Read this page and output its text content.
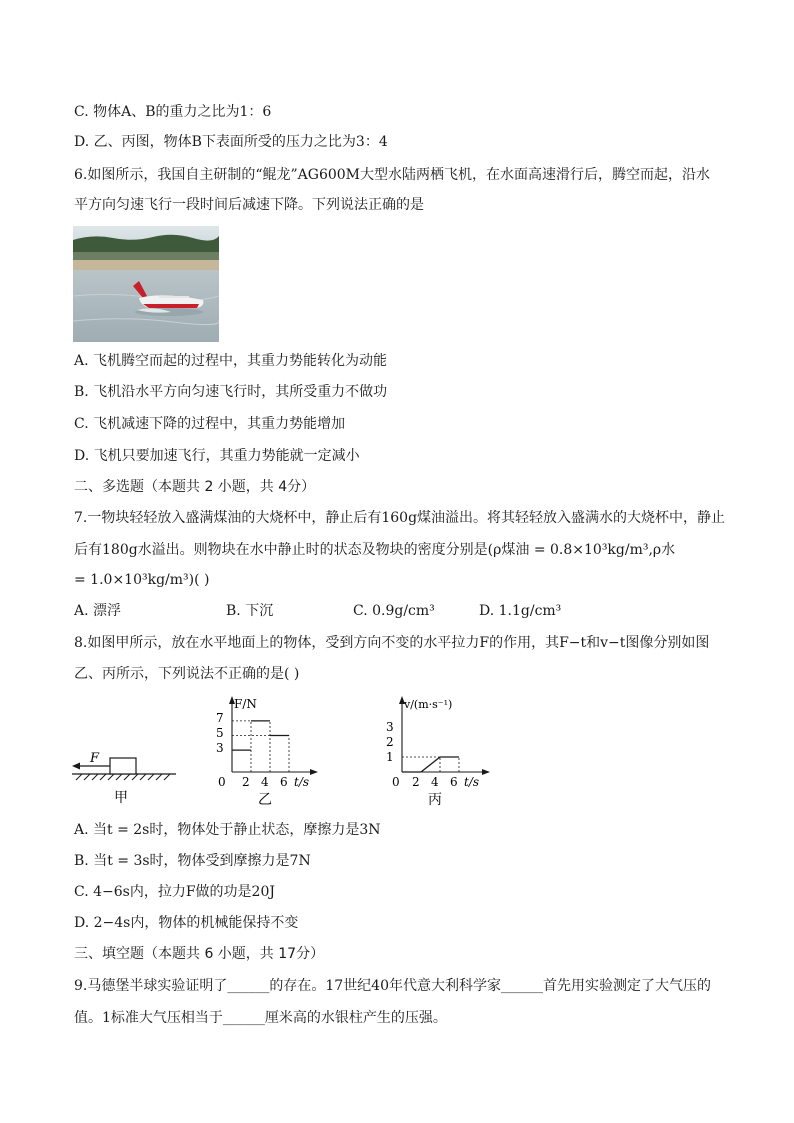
C. 物体A、B的重力之比为1：6
D. 乙、丙图，物体B下表面所受的压力之比为3：4
6.如图所示，我国自主研制的“鲲龙”AG600M大型水陆两栖飞机，在水面高速滑行后，腾空而起，沿水
平方向匀速飞行一段时间后减速下降。下列说法正确的是
A. 飞机腾空而起的过程中，其重力势能转化为动能
B. 飞机沿水平方向匀速飞行时，其所受重力不做功
C. 飞机减速下降的过程中，其重力势能增加
D. 飞机只要加速飞行，其重力势能就一定减小
二、多选题（本题共 2 小题，共 4分）
7.一物块轻轻放入盛满煤油的大烧杯中，静止后有160g煤油溢出。将其轻轻放入盛满水的大烧杯中，静止
后有180g水溢出。则物块在水中静止时的状态及物块的密度分别是(ρ煤油 = 0.8×10³kg/m³,ρ水
= 1.0×10³kg/m³)( )
A. 漂浮	B. 下沉	C. 0.9g/cm³	D. 1.1g/cm³
8.如图甲所示，放在水平地面上的物体，受到方向不变的水平拉力F的作用，其F−t和v−t图像分别如图
乙、丙所示，下列说法不正确的是( )
F
甲
F/N
t/s
7
5
3
0 2 4 6
乙
v/(m·s⁻¹)
t/s
3
2
1
0 2 4 6
丙
A. 当t = 2s时，物体处于静止状态，摩擦力是3N
B. 当t = 3s时，物体受到摩擦力是7N
C. 4−6s内，拉力F做的功是20J
D. 2−4s内，物体的机械能保持不变
三、填空题（本题共 6 小题，共 17分）
9.马德堡半球实验证明了______的存在。17世纪40年代意大利科学家______首先用实验测定了大气压的
值。1标准大气压相当于______厘米高的水银柱产生的压强。
